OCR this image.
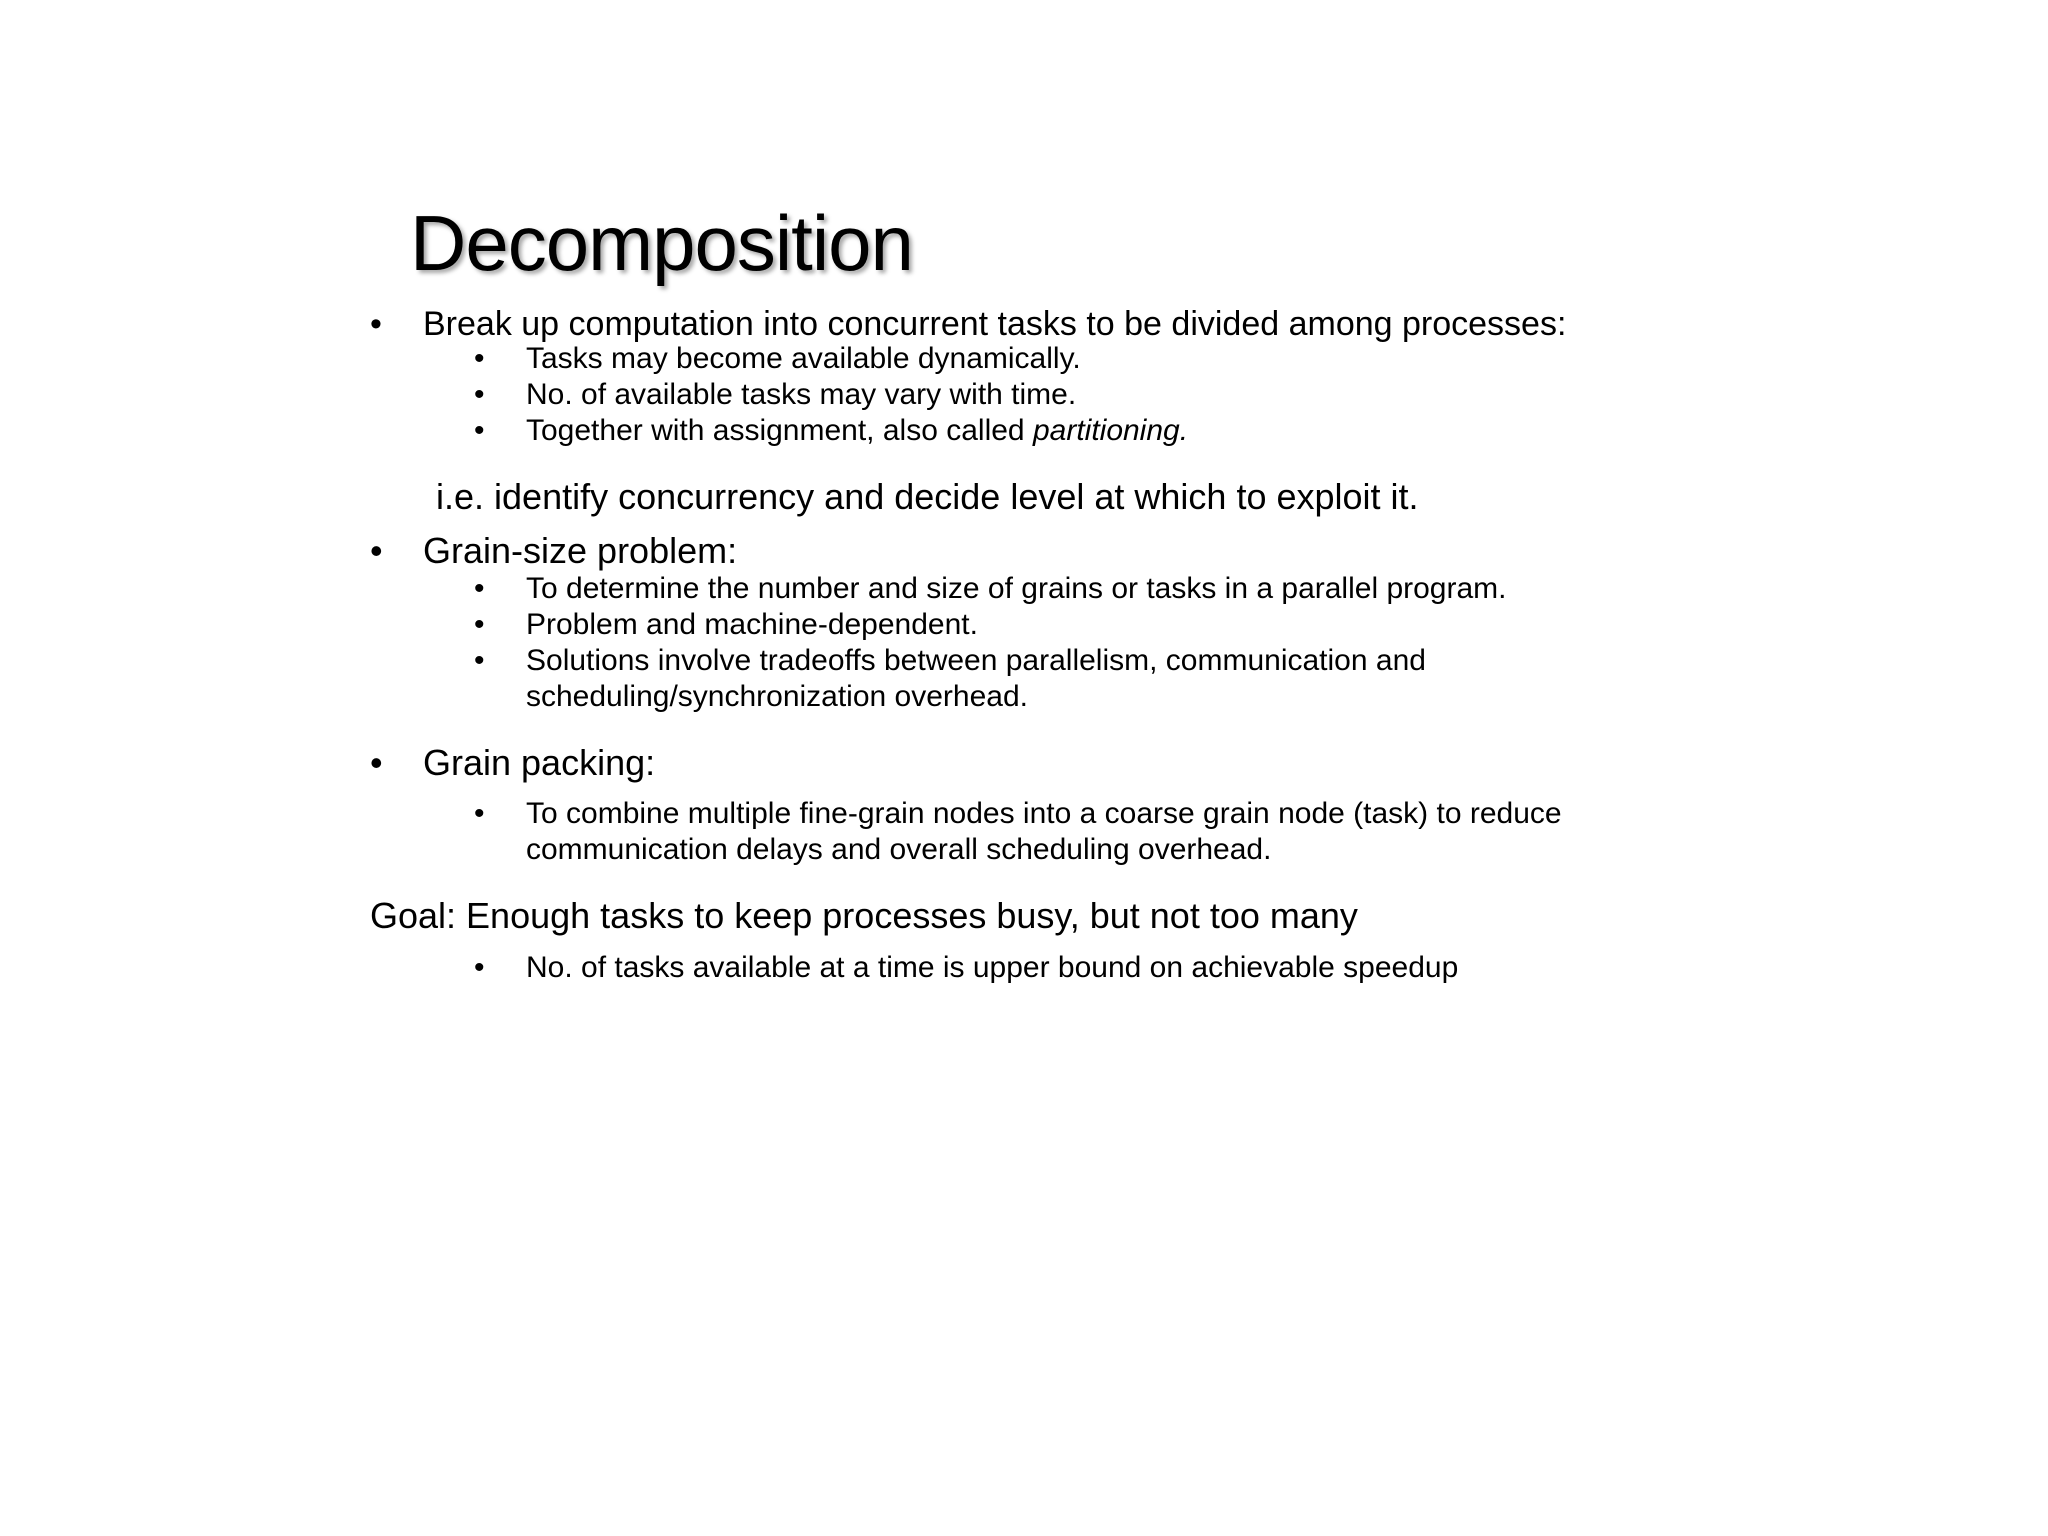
Decomposition
• Break up computation into concurrent tasks to be divided among processes:
• Tasks may become available dynamically.
• No. of available tasks may vary with time.
• Together with assignment, also called partitioning.
i.e. identify concurrency and decide level at which to exploit it.
• Grain-size problem:
• To determine the number and size of grains or tasks in a parallel program.
• Problem and machine-dependent.
• Solutions involve tradeoffs between parallelism, communication and
scheduling/synchronization overhead.
• Grain packing:
• To combine multiple fine-grain nodes into a coarse grain node (task) to reduce
communication delays and overall scheduling overhead.
Goal: Enough tasks to keep processes busy, but not too many
• No. of tasks available at a time is upper bound on achievable speedup
